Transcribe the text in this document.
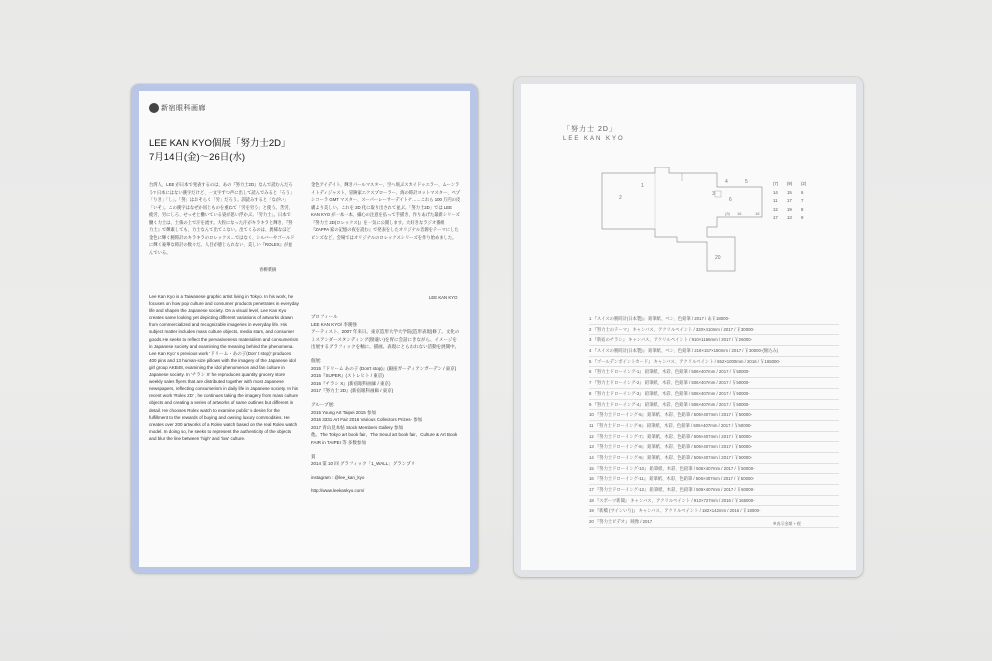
新宿眼科画廊
LEE KAN KYO個展「努力士2D」
7月14日(金)〜26日(水)
台湾人、LEE が日本で発表するのは、あの『努力士2D』なんで読むんだろう? 日本にはない漢字だけど、一文字ずつ声に出して読んでみると「ろう」「りき」「し」。「努」はおそらく「労」だろう。訓読みすると「ながい」「いそ」。この漢字はなぜか同じものを重ねて「労を労う」と使う。苦労、疲労、労にしろ、せっせと働いている姿が思い浮かぶ。「労力士」。日本で働く力士は、土俵の上で汗を流す。大粒になった汗がキラキラと輝き、『努力士』で輝素しても、力士なんて出てこない。出てくるのは、異様なほど金色に輝く腕時計のキラキラのロレックス…ではなく、シルバーやゴールドに輝く豪華な時計の数々だ。人目が感じられない、美しい『ROLEX』が並んでいる。
青柳菜摘
金色アイデイト、輝きパールマスター、空へ飛ぶスカイドゥエラー、ムーンライトディジャスト、冒険家エクスプローラー、海の時計ヨットマスター、ペプシコーラ GMT マスター、スーパーレーサーデイトナ……これら 100 万円の皮膚より美しい。これを 2D 化に取り出されて並ぶ。「努力士2D」では LEE KAN KYO が一本一本、細心の注意を払って手描き、作りあげた最新シリーズ『努力士 2D(ロレックス)』を一気に公開します。大好きなラジオ番組『ZAPPA 家の記憶の夜を読む』で発表をしたオリジナル音源をテーマにしたピンズなど、会場ではオリジナルのロレックスシリーズを作り始めました。
LEE KAN KYO
Lee Kan Kyo is a Taiwanese graphic artist living in Tokyo. In his work, he focuses on how pop culture and consumer products penetrates in everyday life and shapes the Japanese society. On a visual level, Lee Kan Kyo creates same looking yet depicting different variations of artworks drawn from commercialized and recognizable imageries in everyday life. His subject matter includes mass culture objects, media stars, and consumer goods.He seeks to reflect the pervasiveness materialism and consumerism in Japanese society and examining the meaning behind the phenomena. Lee Kan Kyo’ s previous work 'ドリーム・あの子(Don’ t stop)' produces 400 pins and 13 human-size pillows with the imagery of the Japanese idol girl group AKB48, examining the idol phenomenon and fan culture in Japanese society. In 'チラシ X' he reproduces quantity grocery store weekly sales flyers that are distributed together with most Japanese newspapers, reflecting consumerism in daily life in Japanese society. In his recent work 'Rolex 2D' , he continues taking the imagery from mass culture objects and creating a series of artworks of same outlines but different in detail. He chooses Rolex watch to examine public’ s desire for the fulfillment to the rewards of buying and owning luxury commodities. He creates over 200 artworks of a Rolex watch based on the real Rolex watch model. In doing so, he seeks to represent the authenticity of the objects and blur the line between 'high' and 'low' culture.

プロフィール

LEE KAN KYO/ 李漢強

アーティスト、2007 年来日。東京造形大学大学院(造形表現)修了。文化のミスアンダースタンディング(勘違い)を胃に会話にきながら、イメージを出展するグラフィックを軸に、描画、表現にとらわれない活動を展開中。

個展:

2015『ドリーム あの子 (Don't stop)』(銀座ガーディアンガーデン / 東京)

2015『SUPER』(ストレヒト / 東京)

2016『チラシ X』(新宿眼科画廊 / 東京)

2017『努力士 2D』(新宿眼科画廊 / 東京)

グループ展:

2015 Young Art Taipei 2015 参加

2016 3331 Art Fair 2016 Various Collectors Prizes- 参加

2017 青山見本帖 Stock Members Gallery 参加

他。The Tokyo art book fair、The Seoul art book fair、Culture & Art Book FAIR in TAIPEI 等 多数参加

賞

2014 第 10 回 グラフィック「1_WALL」グランプリ

instagram : @lee_kan_kyo

http://www.leekankyo.com/

「努力士 2D」
LEE KAN KYO
1
2
3
4	5
6
(3) 16	18
20
(7)	(9)	(2)
14	15	6
11	17	7
12	19	8
17	13	9
1 『スイスの腕時計(日本製)』 鉛筆紙、ペン、色鉛筆 / 2017 / あ￥18000-
2 『努力士のテーマ』 キャンバス、アクリルペイント / 320×410mm / 2017 / ￥30000-
3 『新宿のチラシ』 キャンバス、アクリルペイント / 910×1166mm / 2017 / ￥26000-
4 『スイスの腕時計(日本製)』 鉛筆紙、ペン、色鉛筆 / 219×157×180mm / 2017 / ￥30000-(額込み)
5 『ゴールデンボイントカード』 キャンバス、アクリルペイント / 652×1000mm / 2016 / ￥165000-
6 『努力士ドローイング-1』 鉛筆紙、木彩、色鉛筆 / 506×407mm / 2017 / ￥50000-
7 『努力士ドローイング-2』 鉛筆紙、木彩、色鉛筆 / 506×407mm / 2017 / ￥50000-
8 『努力士ドローイング-3』 鉛筆紙、木彩、色鉛筆 / 506×407mm / 2017 / ￥50000-
9 『努力士ドローイング-4』 鉛筆紙、木彩、色鉛筆 / 506×407mm / 2017 / ￥50000-
10 『努力士ドローイング-5』 鉛筆紙、木彩、色鉛筆 / 506×407mm / 2017 / ￥50000-
11 『努力士ドローイング-6』 鉛筆紙、木彩、色鉛筆 / 506×407mm / 2017 / ￥50000-
12 『努力士ドローイング-7』 鉛筆紙、木彩、色鉛筆 / 506×407mm / 2017 / ￥50000-
13 『努力士ドローイング-8』 鉛筆紙、木彩、色鉛筆 / 506×407mm / 2017 / ￥50000-
14 『努力士ドローイング-9』 鉛筆紙、木彩、色鉛筆 / 506×407mm / 2017 / ￥50000-
15 『努力士ドローイング-10』 鉛筆紙、木彩、色鉛筆 / 506×407mm / 2017 / ￥50000-
16 『努力士ドローイング-11』 鉛筆紙、木彩、色鉛筆 / 506×407mm / 2017 / ￥50000-
17 『努力士ドローイング-12』 鉛筆紙、木彩、色鉛筆 / 506×407mm / 2017 / ￥50000-
18 『スポーツ新聞』 キャンバス、アクリルペイント / 912×727mm / 2016 / ￥165000-
19 『新橋 (サインいり)』 キャンバス、アクリルペイント / 182×142mm / 2016 / ￥18000-
20 『努力士ビデオ』 映像 / 2017	※表示金額 + 税
